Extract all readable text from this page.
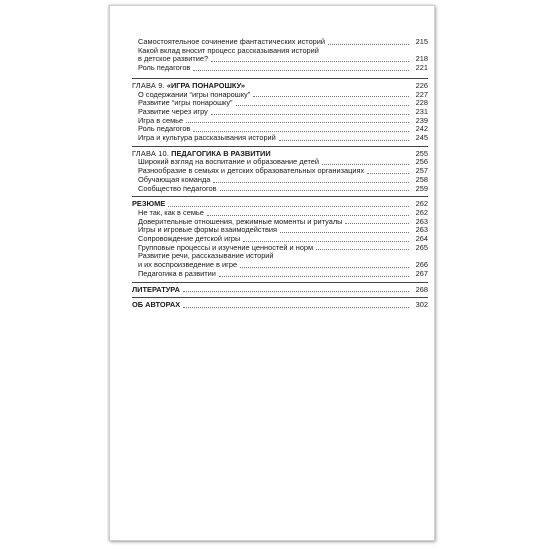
Самостоятельное сочинение фантастических историй	215
Какой вклад вносит процесс рассказывания историй
в детское развитие?	218
Роль педагогов	221
ГЛАВА 9. «ИГРА ПОНАРОШКУ»	226
О содержании “игры понарошку”	227
Развитие “игры понарошку”	228
Развитие через игру	231
Игра в семье	239
Роль педагогов	242
Игра и культура рассказывания историй	245
ГЛАВА 10. ПЕДАГОГИКА В РАЗВИТИИ	255
Широкий взгляд на воспитание и образование детей	256
Разнообразие в семьях и детских образовательных организациях	257
Обучающая команда	258
Сообщество педагогов	259
РЕЗЮМЕ	262
Не так, как в семье	262
Доверительные отношения, режимные моменты и ритуалы	263
Игры и игровые формы взаимодействия	263
Сопровождение детской игры	264
Групповые процессы и изучение ценностей и норм	265
Развитие речи, рассказывание историй
и их воспроизведение в игре	266
Педагогика в развитии	267
ЛИТЕРАТУРА	268
ОБ АВТОРАХ	302
